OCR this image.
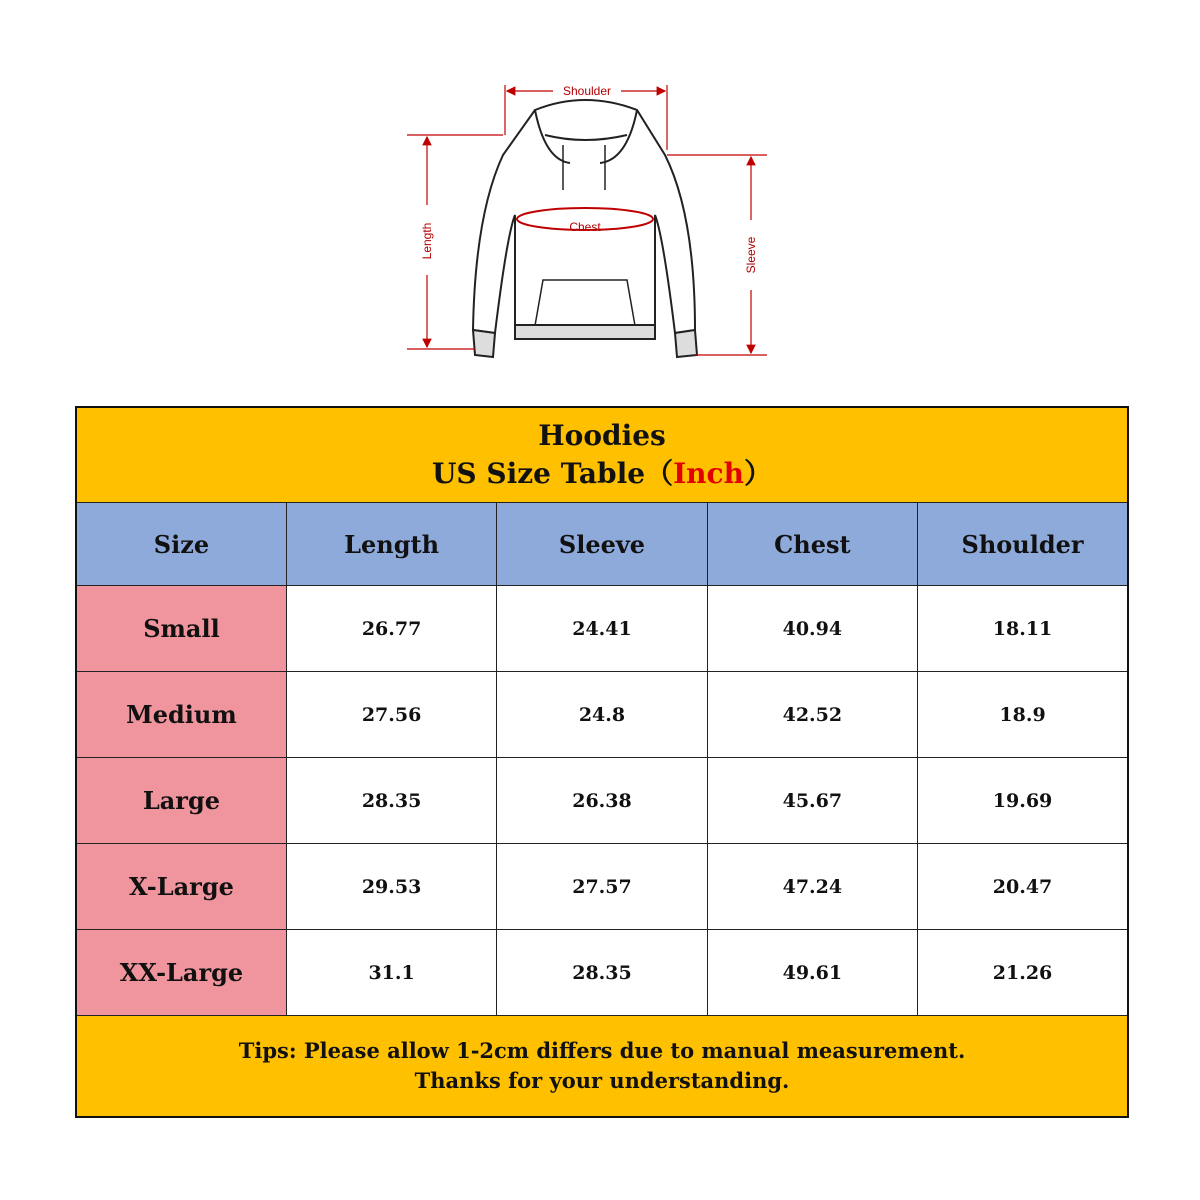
Shoulder
Length	Chest
Sleeve
Hoodies
US Size Table（Inch）				

Size	Length	Sleeve	Chest	Shoulder
Small	26.77	24.41	40.94	18.11
Medium	27.56	24.8	42.52	18.9
Large	28.35	26.38	45.67	19.69
X-Large	29.53	27.57	47.24	20.47
XX-Large	31.1	28.35	49.61	21.26

Tips: Please allow 1-2cm differs due to manual measurement.
Thanks for your understanding.				
